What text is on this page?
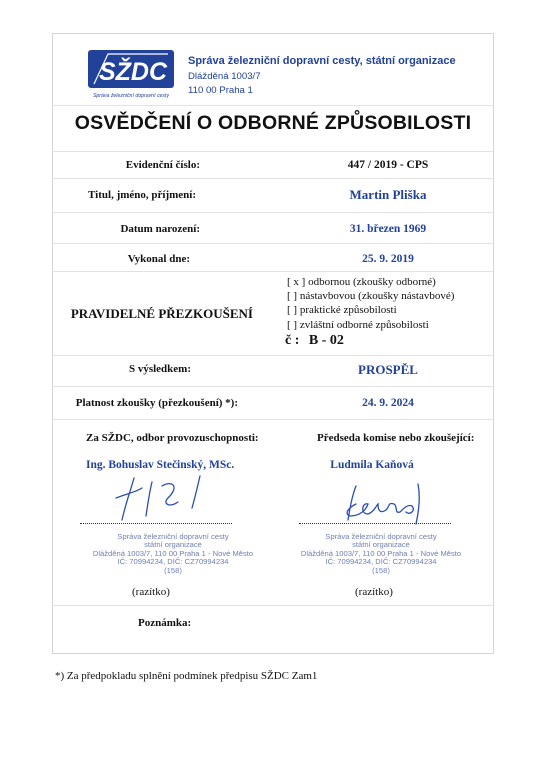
SŽDC
Správa železniční dopravní cesty
Správa železniční dopravní cesty, státní organizace
Dlážděná 1003/7
110 00 Praha 1
OSVĚDČENÍ O ODBORNÉ ZPŮSOBILOSTI
Evidenční číslo:	447 / 2019 - CPS
Titul, jméno, příjmení:	Martin Pliška
Datum narození:	31. březen 1969
Vykonal dne:	25. 9. 2019
PRAVIDELNÉ PŘEZKOUŠENÍ
[ x ] odbornou (zkoušky odborné)
[ ] nástavbovou (zkoušky nástavbové)
[ ] praktické způsobilosti
[ ] zvláštní odborné způsobilosti
č : B - 02
S výsledkem:	PROSPĚL
Platnost zkoušky (přezkoušení) *):	24. 9. 2024
Za SŽDC, odbor provozuschopnosti:	Předseda komise nebo zkoušející:
Ing. Bohuslav Stečinský, MSc.	Ludmila Kaňová
Správa železniční dopravní cesty
státní organizace
Dlážděná 1003/7, 110 00 Praha 1 - Nové Město
IČ: 70994234, DIČ: CZ70994234
(158)
Správa železniční dopravní cesty
státní organizace
Dlážděná 1003/7, 110 00 Praha 1 - Nové Město
IČ: 70994234, DIČ: CZ70994234
(158)
(razítko)	(razítko)
Poznámka:
*) Za předpokladu splnění podmínek předpisu SŽDC Zam1
